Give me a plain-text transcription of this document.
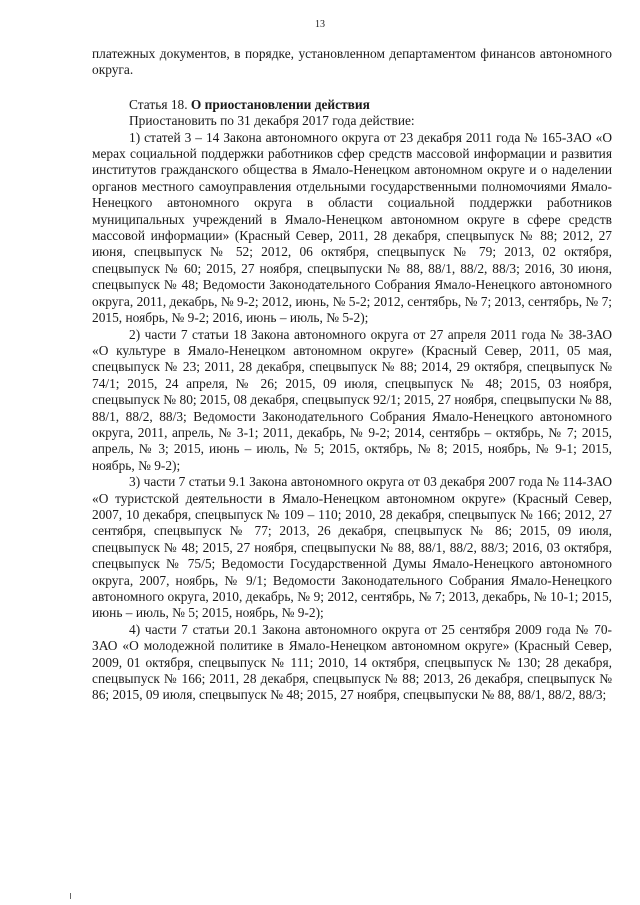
13

платежных документов, в порядке, установленном департаментом финансов автономного округа.

Статья 18. О приостановлении действия

Приостановить по 31 декабря 2017 года действие:

1) статей 3 – 14 Закона автономного округа от 23 декабря 2011 года № 165-ЗАО «О мерах социальной поддержки работников сфер средств массовой информации и развития институтов гражданского общества в Ямало-Ненецком автономном округе и о наделении органов местного самоуправления отдельными государственными полномочиями Ямало-Ненецкого автономного округа в области социальной поддержки работников муниципальных учреждений в Ямало-Ненецком автономном округе в сфере средств массовой информации» (Красный Север, 2011, 28 декабря, спецвыпуск № 88; 2012, 27 июня, спецвыпуск № 52; 2012, 06 октября, спецвыпуск № 79; 2013, 02 октября, спецвыпуск № 60; 2015, 27 ноября, спецвыпуски № 88, 88/1, 88/2, 88/3; 2016, 30 июня, спецвыпуск № 48; Ведомости Законодательного Собрания Ямало-Ненецкого автономного округа, 2011, декабрь, № 9-2; 2012, июнь, № 5-2; 2012, сентябрь, № 7; 2013, сентябрь, № 7; 2015, ноябрь, № 9-2; 2016, июнь – июль, № 5-2);

2) части 7 статьи 18 Закона автономного округа от 27 апреля 2011 года № 38-ЗАО «О культуре в Ямало-Ненецком автономном округе» (Красный Север, 2011, 05 мая, спецвыпуск № 23; 2011, 28 декабря, спецвыпуск № 88; 2014, 29 октября, спецвыпуск № 74/1; 2015, 24 апреля, № 26; 2015, 09 июля, спецвыпуск № 48; 2015, 03 ноября, спецвыпуск № 80; 2015, 08 декабря, спецвыпуск 92/1; 2015, 27 ноября, спецвыпуски № 88, 88/1, 88/2, 88/3; Ведомости Законодательного Собрания Ямало-Ненецкого автономного округа, 2011, апрель, № 3-1; 2011, декабрь, № 9-2; 2014, сентябрь – октябрь, № 7; 2015, апрель, № 3; 2015, июнь – июль, № 5; 2015, октябрь, № 8; 2015, ноябрь, № 9-1; 2015, ноябрь, № 9-2);

3) части 7 статьи 9.1 Закона автономного округа от 03 декабря 2007 года № 114-ЗАО «О туристской деятельности в Ямало-Ненецком автономном округе» (Красный Север, 2007, 10 декабря, спецвыпуск № 109 – 110; 2010, 28 декабря, спецвыпуск № 166; 2012, 27 сентября, спецвыпуск № 77; 2013, 26 декабря, спецвыпуск № 86; 2015, 09 июля, спецвыпуск № 48; 2015, 27 ноября, спецвыпуски № 88, 88/1, 88/2, 88/3; 2016, 03 октября, спецвыпуск № 75/5; Ведомости Государственной Думы Ямало-Ненецкого автономного округа, 2007, ноябрь, № 9/1; Ведомости Законодательного Собрания Ямало-Ненецкого автономного округа, 2010, декабрь, № 9; 2012, сентябрь, № 7; 2013, декабрь, № 10-1; 2015, июнь – июль, № 5; 2015, ноябрь, № 9-2);

4) части 7 статьи 20.1 Закона автономного округа от 25 сентября 2009 года № 70-ЗАО «О молодежной политике в Ямало-Ненецком автономном округе» (Красный Север, 2009, 01 октября, спецвыпуск № 111; 2010, 14 октября, спецвыпуск № 130; 28 декабря, спецвыпуск № 166; 2011, 28 декабря, спецвыпуск № 88; 2013, 26 декабря, спецвыпуск № 86; 2015, 09 июля, спецвыпуск № 48; 2015, 27 ноября, спецвыпуски № 88, 88/1, 88/2, 88/3;
